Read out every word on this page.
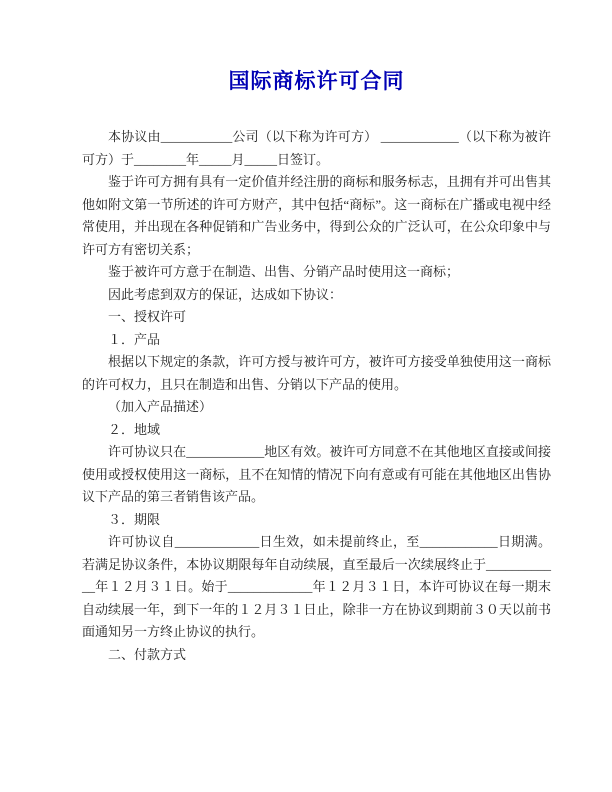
国际商标许可合同

本协议由___________公司（以下称为许可方） ____________（以下称为被许可方）于________年_____月_____日签订。

鉴于许可方拥有具有一定价值并经注册的商标和服务标志，且拥有并可出售其他如附文第一节所述的许可方财产，其中包括“商标”。这一商标在广播或电视中经常使用，并出现在各种促销和广告业务中，得到公众的广泛认可，在公众印象中与许可方有密切关系；

鉴于被许可方意于在制造、出售、分销产品时使用这一商标；

因此考虑到双方的保证，达成如下协议：

一、授权许可

１．产品

根据以下规定的条款，许可方授与被许可方，被许可方接受单独使用这一商标的许可权力，且只在制造和出售、分销以下产品的使用。

（加入产品描述）

２．地域

许可协议只在____________地区有效。被许可方同意不在其他地区直接或间接使用或授权使用这一商标，且不在知情的情况下向有意或有可能在其他地区出售协议下产品的第三者销售该产品。

３．期限

许可协议自_____________日生效，如未提前终止，至____________日期满。若满足协议条件，本协议期限每年自动续展，直至最后一次续展终止于____________年１２月３１日。始于_____________年１２月３１日，本许可协议在每一期末自动续展一年，到下一年的１２月３１日止，除非一方在协议到期前３０天以前书面通知另一方终止协议的执行。

二、付款方式
